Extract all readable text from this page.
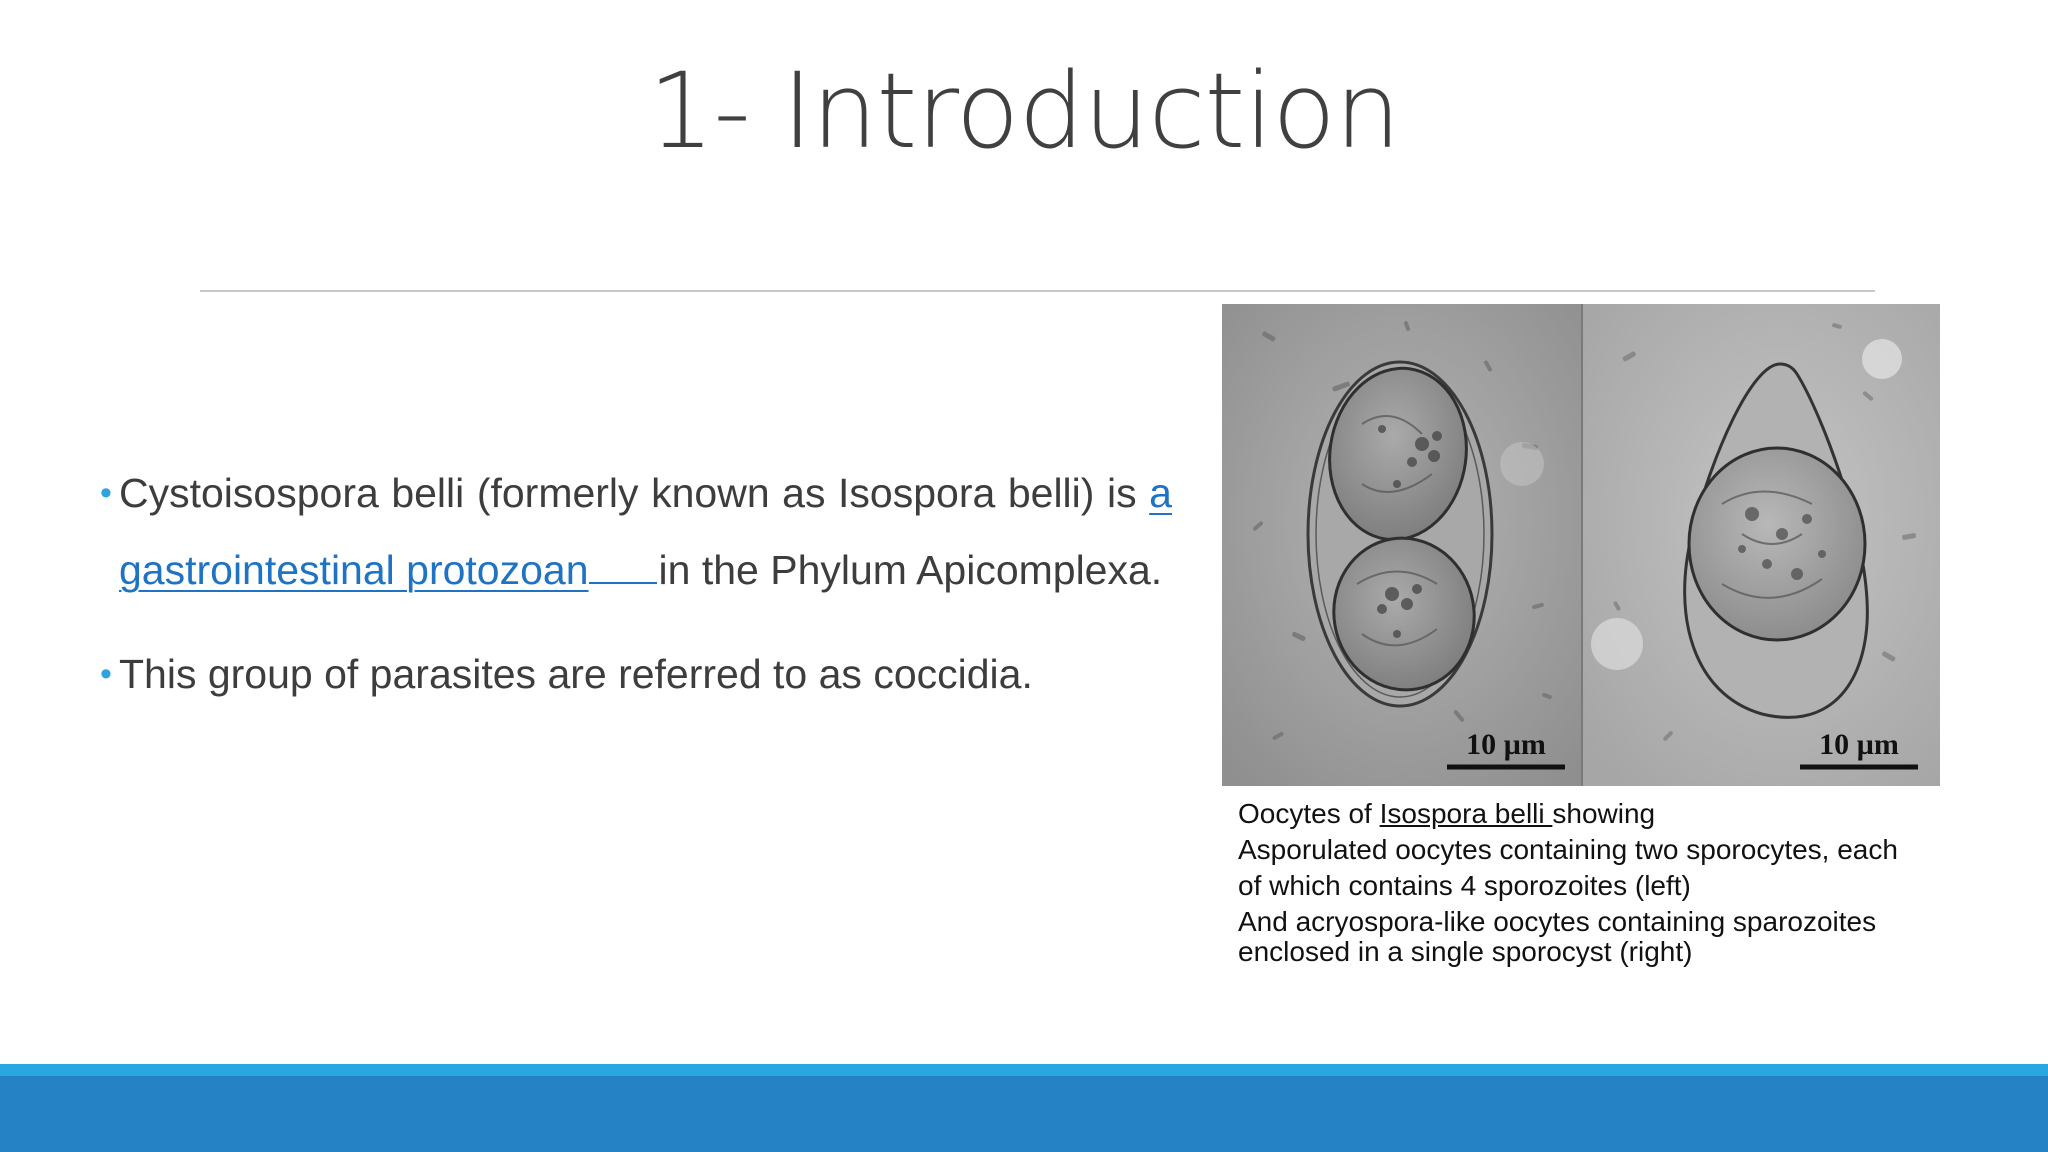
1- Introduction
• Cystoisospora belli (formerly known as Isospora belli) is a gastrointestinal protozoan in the Phylum Apicomplexa.
• This group of parasites are referred to as coccidia.
10 µm	10 µm
Oocytes of Isospora belli showing
Asporulated oocytes containing two sporocytes, each
of which contains 4 sporozoites (left)
And acryospora-like oocytes containing sparozoites
enclosed in a single sporocyst (right)
